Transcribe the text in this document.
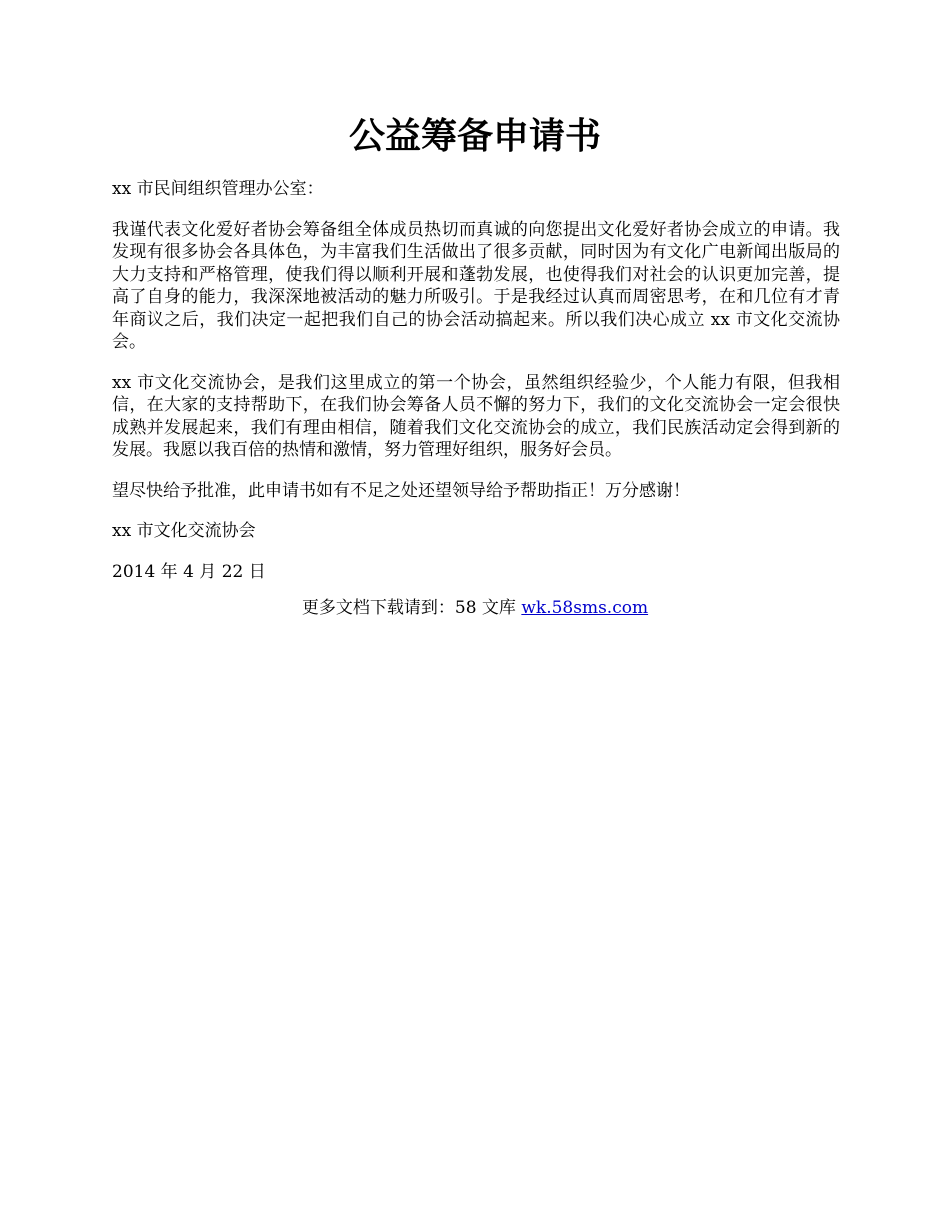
公益筹备申请书

xx 市民间组织管理办公室：

我谨代表文化爱好者协会筹备组全体成员热切而真诚的向您提出文化爱好者协会成立的申请。我发现有很多协会各具体色，为丰富我们生活做出了很多贡献，同时因为有文化广电新闻出版局的大力支持和严格管理，使我们得以顺利开展和蓬勃发展，也使得我们对社会的认识更加完善，提高了自身的能力，我深深地被活动的魅力所吸引。于是我经过认真而周密思考，在和几位有才青年商议之后，我们决定一起把我们自己的协会活动搞起来。所以我们决心成立 xx 市文化交流协会。

xx 市文化交流协会，是我们这里成立的第一个协会，虽然组织经验少，个人能力有限，但我相信，在大家的支持帮助下，在我们协会筹备人员不懈的努力下，我们的文化交流协会一定会很快成熟并发展起来，我们有理由相信，随着我们文化交流协会的成立，我们民族活动定会得到新的发展。我愿以我百倍的热情和激情，努力管理好组织，服务好会员。

望尽快给予批准，此申请书如有不足之处还望领导给予帮助指正！万分感谢！

xx 市文化交流协会

2014 年 4 月 22 日

更多文档下载请到：58 文库 wk.58sms.com
